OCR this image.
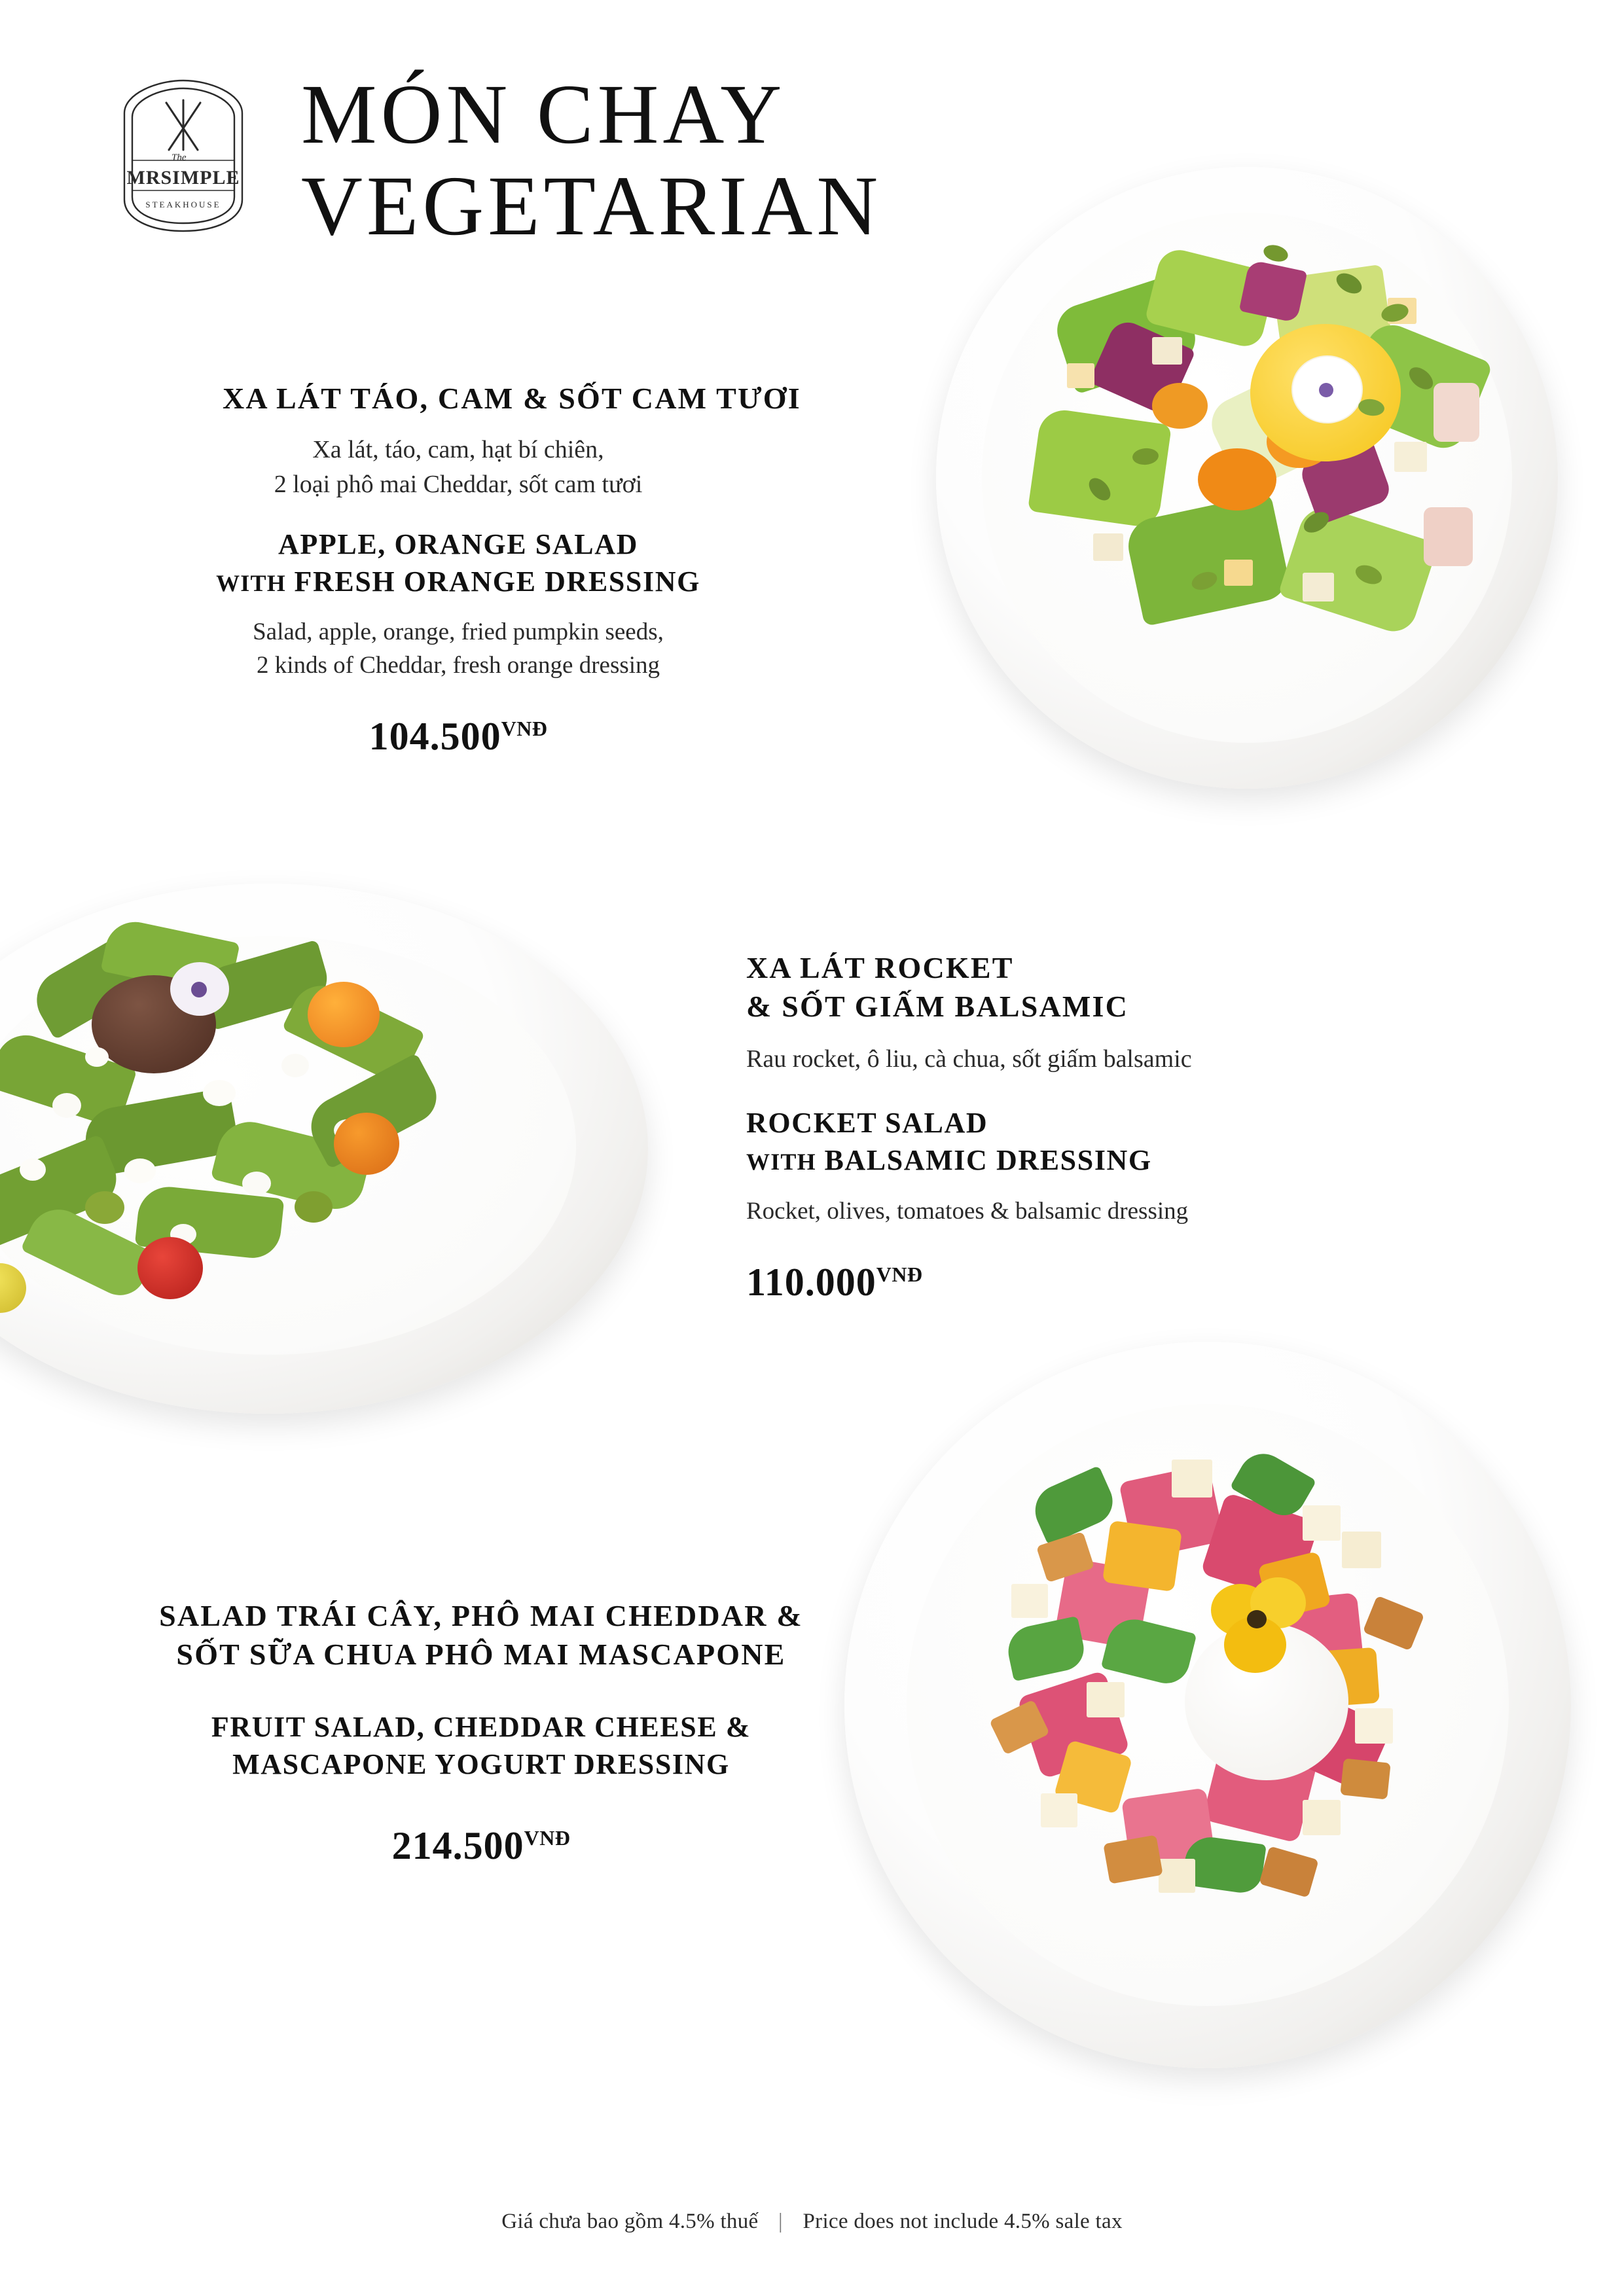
The
MRSIMPLE
STEAKHOUSE
MÓN CHAY
VEGETARIAN
XA LÁT TÁO, CAM & SỐT CAM TƯƠI
Xa lát, táo, cam, hạt bí chiên,
2 loại phô mai Cheddar, sốt cam tươi
APPLE, ORANGE SALAD
WITH FRESH ORANGE DRESSING
Salad, apple, orange, fried pumpkin seeds,
2 kinds of Cheddar, fresh orange dressing
$104.500^{VNĐ}$
XA LÁT ROCKET
& SỐT GIẤM BALSAMIC
Rau rocket, ô liu, cà chua, sốt giấm balsamic
ROCKET SALAD
WITH BALSAMIC DRESSING
Rocket, olives, tomatoes & balsamic dressing
$110.000^{VNĐ}$
SALAD TRÁI CÂY, PHÔ MAI CHEDDAR &
SỐT SỮA CHUA PHÔ MAI MASCAPONE
FRUIT SALAD, CHEDDAR CHEESE &
MASCAPONE YOGURT DRESSING
$214.500^{VNĐ}$
Giá chưa bao gồm 4.5% thuế | Price does not include 4.5% sale tax
